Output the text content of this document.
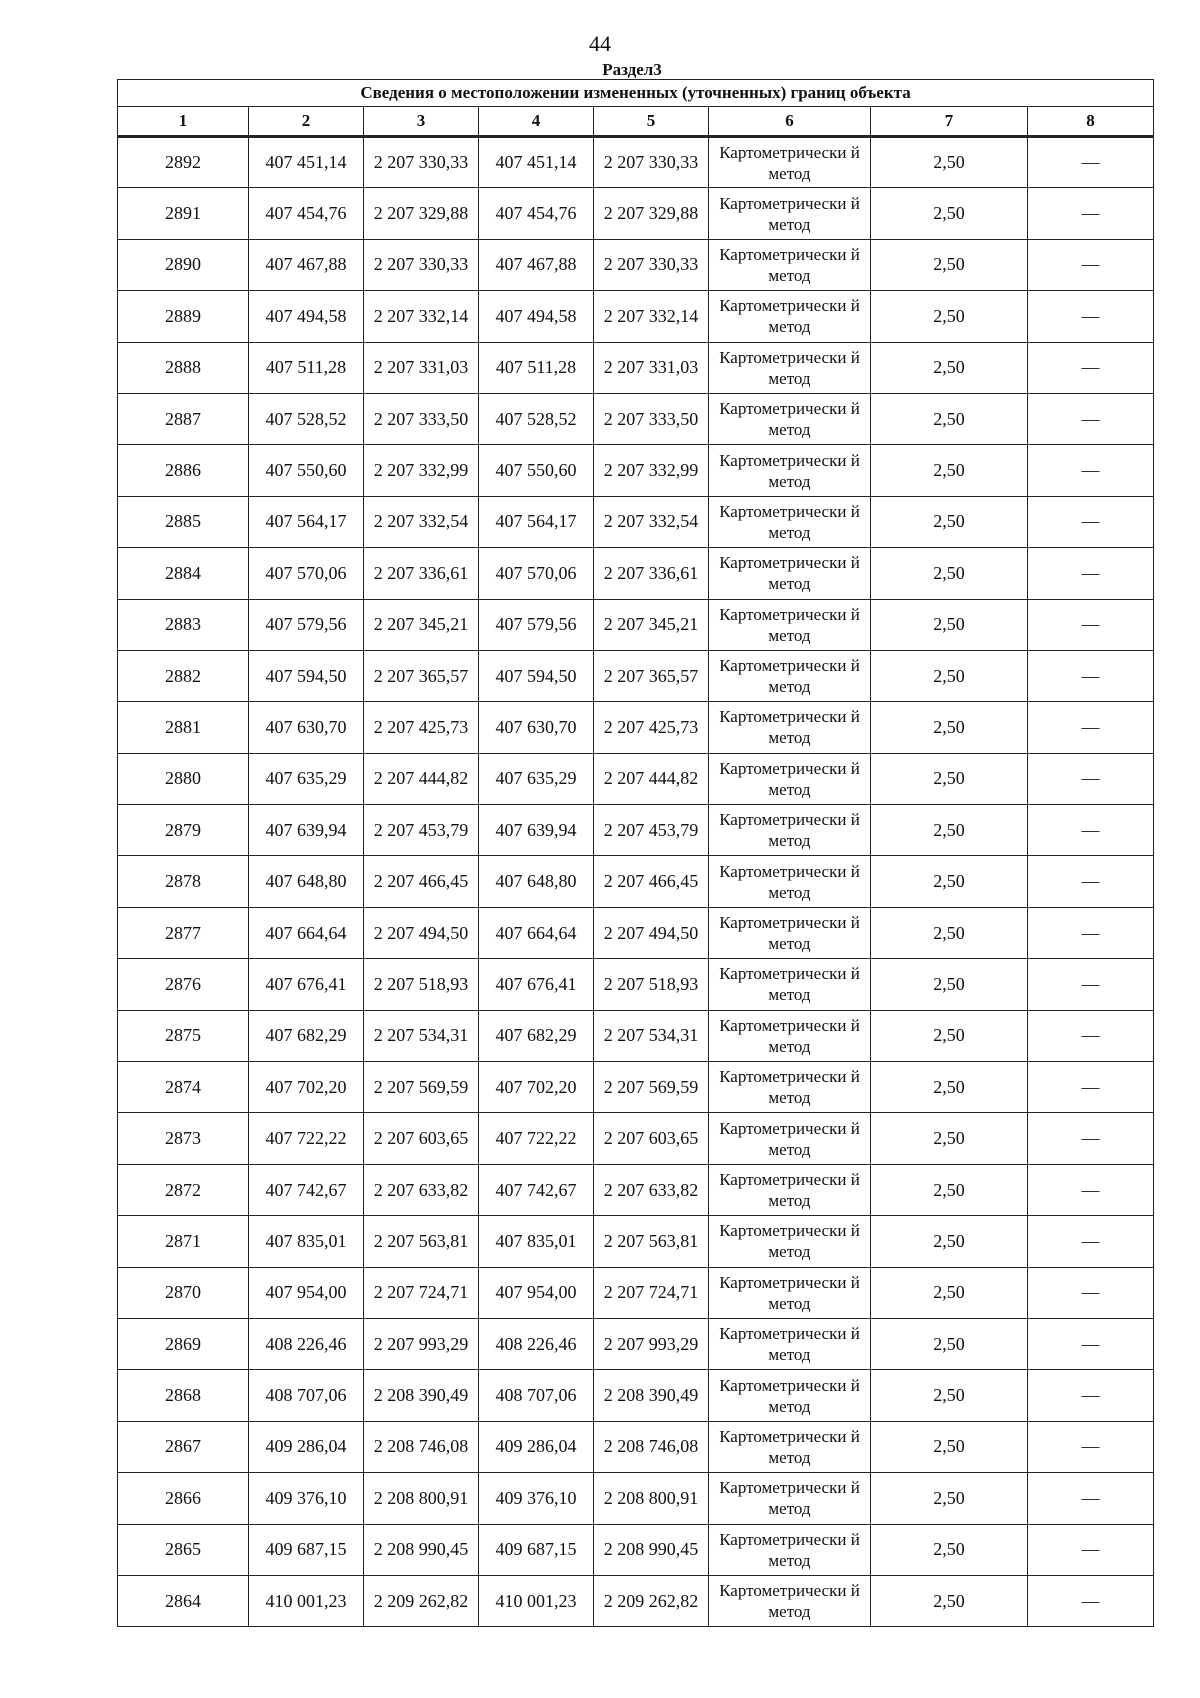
44
Раздел3
Сведения о местоположении измененных (уточненных) границ объекта							
1	2	3	4	5	6	7	8
2892	407 451,14	2 207 330,33	407 451,14	2 207 330,33	Картометрически й метод	2,50	—
2891	407 454,76	2 207 329,88	407 454,76	2 207 329,88	Картометрически й метод	2,50	—
2890	407 467,88	2 207 330,33	407 467,88	2 207 330,33	Картометрически й метод	2,50	—
2889	407 494,58	2 207 332,14	407 494,58	2 207 332,14	Картометрически й метод	2,50	—
2888	407 511,28	2 207 331,03	407 511,28	2 207 331,03	Картометрически й метод	2,50	—
2887	407 528,52	2 207 333,50	407 528,52	2 207 333,50	Картометрически й метод	2,50	—
2886	407 550,60	2 207 332,99	407 550,60	2 207 332,99	Картометрически й метод	2,50	—
2885	407 564,17	2 207 332,54	407 564,17	2 207 332,54	Картометрически й метод	2,50	—
2884	407 570,06	2 207 336,61	407 570,06	2 207 336,61	Картометрически й метод	2,50	—
2883	407 579,56	2 207 345,21	407 579,56	2 207 345,21	Картометрически й метод	2,50	—
2882	407 594,50	2 207 365,57	407 594,50	2 207 365,57	Картометрически й метод	2,50	—
2881	407 630,70	2 207 425,73	407 630,70	2 207 425,73	Картометрически й метод	2,50	—
2880	407 635,29	2 207 444,82	407 635,29	2 207 444,82	Картометрически й метод	2,50	—
2879	407 639,94	2 207 453,79	407 639,94	2 207 453,79	Картометрически й метод	2,50	—
2878	407 648,80	2 207 466,45	407 648,80	2 207 466,45	Картометрически й метод	2,50	—
2877	407 664,64	2 207 494,50	407 664,64	2 207 494,50	Картометрически й метод	2,50	—
2876	407 676,41	2 207 518,93	407 676,41	2 207 518,93	Картометрически й метод	2,50	—
2875	407 682,29	2 207 534,31	407 682,29	2 207 534,31	Картометрически й метод	2,50	—
2874	407 702,20	2 207 569,59	407 702,20	2 207 569,59	Картометрически й метод	2,50	—
2873	407 722,22	2 207 603,65	407 722,22	2 207 603,65	Картометрически й метод	2,50	—
2872	407 742,67	2 207 633,82	407 742,67	2 207 633,82	Картометрически й метод	2,50	—
2871	407 835,01	2 207 563,81	407 835,01	2 207 563,81	Картометрически й метод	2,50	—
2870	407 954,00	2 207 724,71	407 954,00	2 207 724,71	Картометрически й метод	2,50	—
2869	408 226,46	2 207 993,29	408 226,46	2 207 993,29	Картометрически й метод	2,50	—
2868	408 707,06	2 208 390,49	408 707,06	2 208 390,49	Картометрически й метод	2,50	—
2867	409 286,04	2 208 746,08	409 286,04	2 208 746,08	Картометрически й метод	2,50	—
2866	409 376,10	2 208 800,91	409 376,10	2 208 800,91	Картометрически й метод	2,50	—
2865	409 687,15	2 208 990,45	409 687,15	2 208 990,45	Картометрически й метод	2,50	—
2864	410 001,23	2 209 262,82	410 001,23	2 209 262,82	Картометрически й метод	2,50	—
